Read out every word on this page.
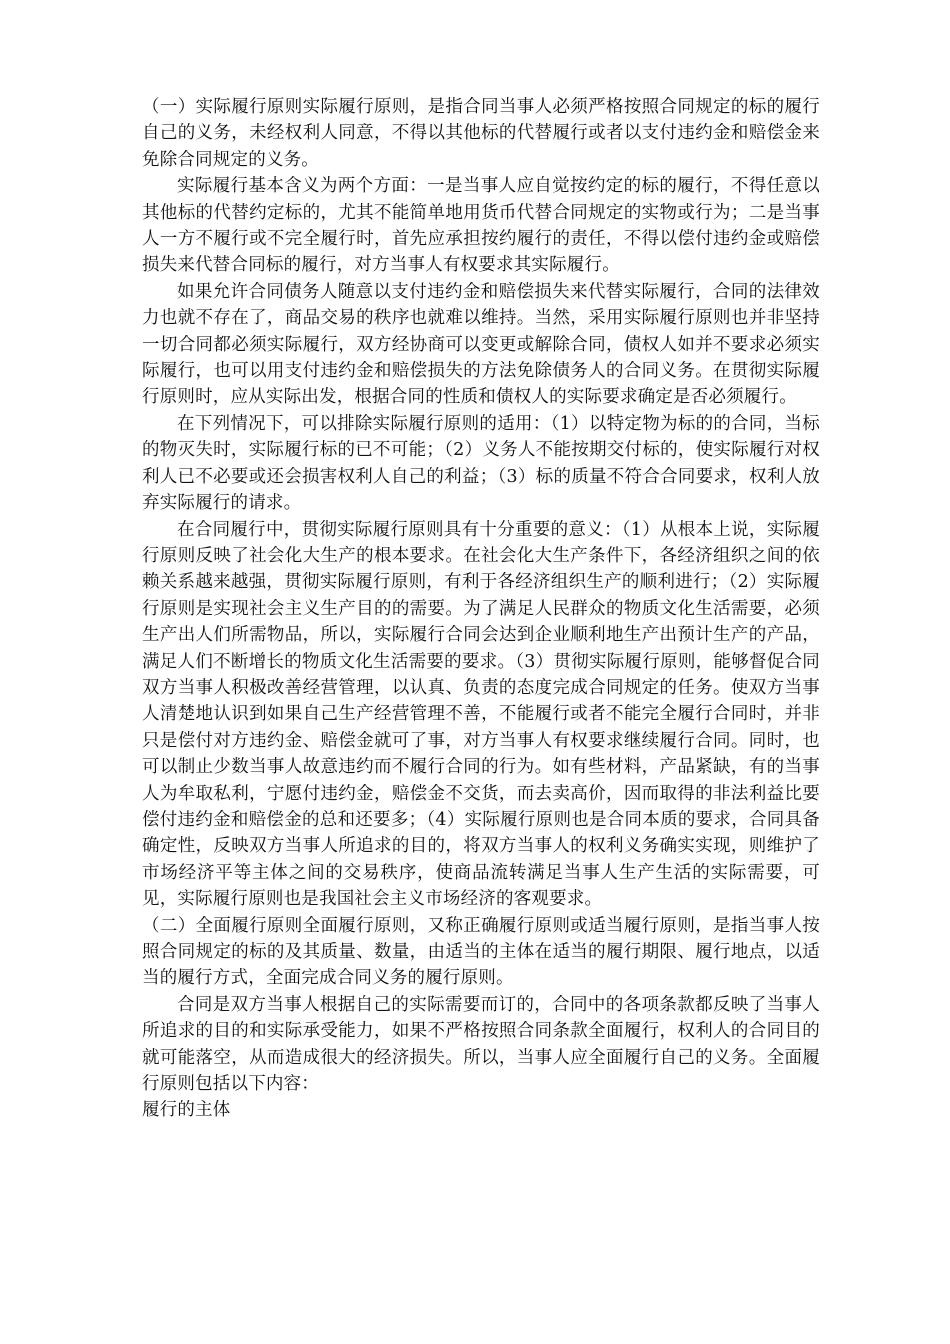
（一）实际履行原则实际履行原则，是指合同当事人必须严格按照合同规定的标的履行自己的义务，未经权利人同意，不得以其他标的代替履行或者以支付违约金和赔偿金来免除合同规定的义务。

实际履行基本含义为两个方面：一是当事人应自觉按约定的标的履行，不得任意以其他标的代替约定标的，尤其不能简单地用货币代替合同规定的实物或行为；二是当事人一方不履行或不完全履行时，首先应承担按约履行的责任，不得以偿付违约金或赔偿损失来代替合同标的履行，对方当事人有权要求其实际履行。

如果允许合同债务人随意以支付违约金和赔偿损失来代替实际履行，合同的法律效力也就不存在了，商品交易的秩序也就难以维持。当然，采用实际履行原则也并非坚持一切合同都必须实际履行，双方经协商可以变更或解除合同，债权人如并不要求必须实际履行，也可以用支付违约金和赔偿损失的方法免除债务人的合同义务。在贯彻实际履行原则时，应从实际出发，根据合同的性质和债权人的实际要求确定是否必须履行。

在下列情况下，可以排除实际履行原则的适用：（1）以特定物为标的的合同，当标的物灭失时，实际履行标的已不可能；（2）义务人不能按期交付标的，使实际履行对权利人已不必要或还会损害权利人自己的利益；（3）标的质量不符合合同要求，权利人放弃实际履行的请求。

在合同履行中，贯彻实际履行原则具有十分重要的意义：（1）从根本上说，实际履行原则反映了社会化大生产的根本要求。在社会化大生产条件下，各经济组织之间的依赖关系越来越强，贯彻实际履行原则，有利于各经济组织生产的顺利进行；（2）实际履行原则是实现社会主义生产目的的需要。为了满足人民群众的物质文化生活需要，必须生产出人们所需物品，所以，实际履行合同会达到企业顺利地生产出预计生产的产品，满足人们不断增长的物质文化生活需要的要求。（3）贯彻实际履行原则，能够督促合同双方当事人积极改善经营管理，以认真、负责的态度完成合同规定的任务。使双方当事人清楚地认识到如果自己生产经营管理不善，不能履行或者不能完全履行合同时，并非只是偿付对方违约金、赔偿金就可了事，对方当事人有权要求继续履行合同。同时，也可以制止少数当事人故意违约而不履行合同的行为。如有些材料，产品紧缺，有的当事人为牟取私利，宁愿付违约金，赔偿金不交货，而去卖高价，因而取得的非法利益比要偿付违约金和赔偿金的总和还要多；（4）实际履行原则也是合同本质的要求，合同具备确定性，反映双方当事人所追求的目的，将双方当事人的权利义务确实实现，则维护了市场经济平等主体之间的交易秩序，使商品流转满足当事人生产生活的实际需要，可见，实际履行原则也是我国社会主义市场经济的客观要求。

（二）全面履行原则全面履行原则，又称正确履行原则或适当履行原则，是指当事人按照合同规定的标的及其质量、数量，由适当的主体在适当的履行期限、履行地点，以适当的履行方式，全面完成合同义务的履行原则。

合同是双方当事人根据自己的实际需要而订的，合同中的各项条款都反映了当事人所追求的目的和实际承受能力，如果不严格按照合同条款全面履行，权利人的合同目的就可能落空，从而造成很大的经济损失。所以，当事人应全面履行自己的义务。全面履行原则包括以下内容：

履行的主体
